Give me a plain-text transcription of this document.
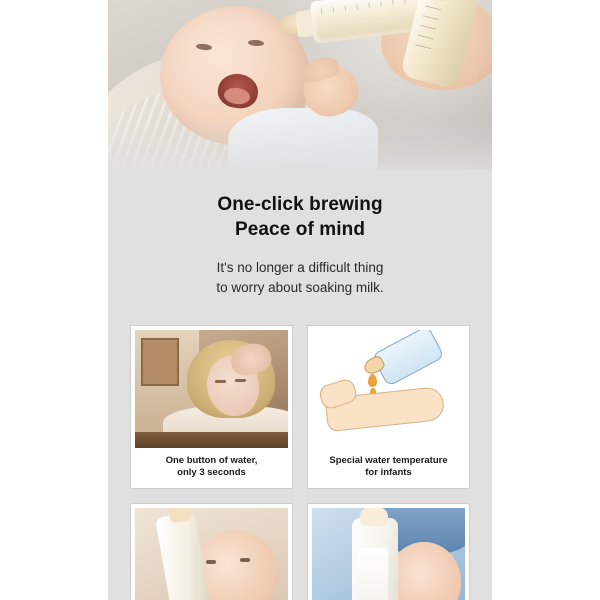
One-click brewing
Peace of mind

It's no longer a difficult thing
to worry about soaking milk.

One button of water,
only 3 seconds
Special water temperature
for infants
